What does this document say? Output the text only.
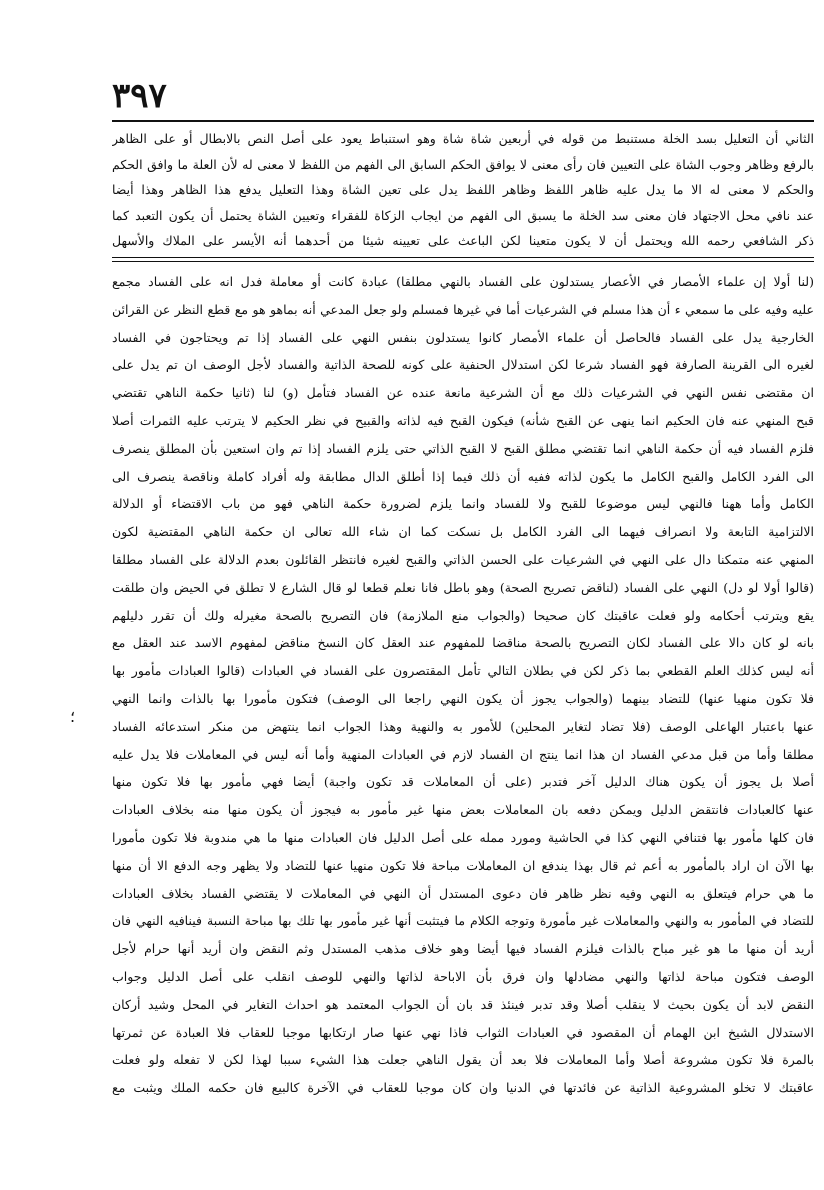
٣٩٧
الثاني أن التعليل بسد الخلة مستنبط من قوله في أربعين شاة شاة وهو استنباط يعود على أصل النص بالابطال أو على الظاهر
بالرفع وظاهر وجوب الشاة على التعيين فان رأى معنى لا يوافق الحكم السابق الى الفهم من اللفظ لا معنى له لأن العلة ما وافق الحكم
والحكم لا معنى له الا ما يدل عليه ظاهر اللفظ وظاهر اللفظ يدل على تعين الشاة وهذا التعليل يدفع هذا الظاهر وهذا أيضا
عند نافي محل الاجتهاد فان معنى سد الخلة ما يسبق الى الفهم من ايجاب الزكاة للفقراء وتعيين الشاة يحتمل أن يكون التعبد كما
ذكر الشافعي رحمه الله ويحتمل أن لا يكون متعينا لكن الباعث على تعيينه شيئا من أحدهما أنه الأيسر على الملاك والأسهل
(لنا أولا إن علماء الأمصار في الأعصار يستدلون على الفساد بالنهي مطلقا) عبادة كانت أو معاملة فدل انه على الفساد مجمع
عليه وفيه على ما سمعي ء أن هذا مسلم في الشرعيات أما في غيرها فمسلم ولو جعل المدعي أنه بماهو هو مع قطع النظر عن القرائن
الخارجية يدل على الفساد فالحاصل أن علماء الأمصار كانوا يستدلون بنفس النهي على الفساد إذا تم ويحتاجون في الفساد
لغيره الى القرينة الصارفة فهو الفساد شرعا لكن استدلال الحنفية على كونه للصحة الذاتية والفساد لأجل الوصف ان تم يدل على
ان مقتضى نفس النهي في الشرعيات ذلك مع أن الشرعية مانعة عنده عن الفساد فتأمل (و) لنا (ثانيا حكمة الناهي تقتضي
قبح المنهي عنه فان الحكيم انما ينهى عن القبح شأنه) فيكون القبح فيه لذاته والقبيح في نظر الحكيم لا يترتب عليه الثمرات أصلا
فلزم الفساد فيه أن حكمة الناهي انما تقتضي مطلق القبح لا القبح الذاتي حتى يلزم الفساد إذا تم وان استعين بأن المطلق ينصرف
الى الفرد الكامل والقبح الكامل ما يكون لذاته ففيه أن ذلك فيما إذا أطلق الدال مطابقة وله أفراد كاملة وناقصة ينصرف الى
الكامل وأما ههنا فالنهي ليس موضوعا للقبح ولا للفساد وانما يلزم لضرورة حكمة الناهي فهو من باب الاقتضاء أو الدلالة
الالتزامية التابعة ولا انصراف فيهما الى الفرد الكامل بل نسكت كما ان شاء الله تعالى ان حكمة الناهي المقتضية لكون
المنهي عنه متمكنا دال على النهي في الشرعيات على الحسن الذاتي والقبح لغيره فانتظر القائلون بعدم الدلالة على الفساد مطلقا
(قالوا أولا لو دل) النهي على الفساد (لناقض تصريح الصحة) وهو باطل فانا نعلم قطعا لو قال الشارع لا تطلق في الحيض وان طلقت
يقع ويترتب أحكامه ولو فعلت عاقبتك كان صحيحا (والجواب منع الملازمة) فان التصريح بالصحة مغيرله ولك أن تقرر دليلهم
بانه لو كان دالا على الفساد لكان التصريح بالصحة مناقضا للمفهوم عند العقل كان النسخ مناقض لمفهوم الاسد عند العقل مع
أنه ليس كذلك العلم القطعي بما ذكر لكن في بطلان التالي تأمل المقتصرون على الفساد في العبادات (قالوا العبادات مأمور بها
فلا تكون منهيا عنها) للتضاد بينهما (والجواب يجوز أن يكون النهي راجعا الى الوصف) فتكون مأمورا بها بالذات وانما النهي
عنها باعتبار الهاعلى الوصف (فلا تضاد لتغاير المحلين) للأمور به والنهية وهذا الجواب انما ينتهض من منكر استدعائه الفساد
مطلقا وأما من قبل مدعي الفساد ان هذا انما ينتج ان الفساد لازم في العبادات المنهية وأما أنه ليس في المعاملات فلا يدل عليه
أصلا بل يجوز أن يكون هناك الدليل آخر فتدبر (على أن المعاملات قد تكون واجبة) أيضا فهي مأمور بها فلا تكون منها
عنها كالعبادات فانتقض الدليل ويمكن دفعه بان المعاملات بعض منها غير مأمور به فيجوز أن يكون منها منه بخلاف العبادات
فان كلها مأمور بها فتنافي النهي كذا في الحاشية ومورد ممله على أصل الدليل فان العبادات منها ما هي مندوبة فلا تكون مأمورا
بها الآن ان اراد بالمأمور به أعم ثم قال بهذا يندفع ان المعاملات مباحة فلا تكون منهيا عنها للتضاد ولا يظهر وجه الدفع الا أن منها
ما هي حرام فيتعلق به النهي وفيه نظر ظاهر فان دعوى المستدل أن النهي في المعاملات لا يقتضي الفساد بخلاف العبادات
للتضاد في المأمور به والنهي والمعاملات غير مأمورة وتوجه الكلام ما فيتثبت أنها غير مأمور بها تلك بها مباحة النسبة فينافيه النهي فان
أريد أن منها ما هو غير مباح بالذات فيلزم الفساد فيها أيضا وهو خلاف مذهب المستدل وثم النقض وان أريد أنها حرام لأجل
الوصف فتكون مباحة لذاتها والنهي مضادلها وان فرق بأن الاباحة لذاتها والنهي للوصف انقلب على أصل الدليل وجواب
النقض لابد أن يكون بحيث لا ينقلب أصلا وقد تدبر فينئذ قد بان أن الجواب المعتمد هو احداث التغاير في المحل وشيد أركان
الاستدلال الشيخ ابن الهمام أن المقصود في العبادات الثواب فاذا نهي عنها صار ارتكابها موجبا للعقاب فلا العبادة عن ثمرتها
بالمرة فلا تكون مشروعة أصلا وأما المعاملات فلا بعد أن يقول الناهي جعلت هذا الشيء سببا لهذا لكن لا تفعله ولو فعلت
عاقبتك لا تخلو المشروعية الذاتية عن فائدتها في الدنيا وان كان موجبا للعقاب في الآخرة كالبيع فان حكمه الملك ويثبت مع
؛
